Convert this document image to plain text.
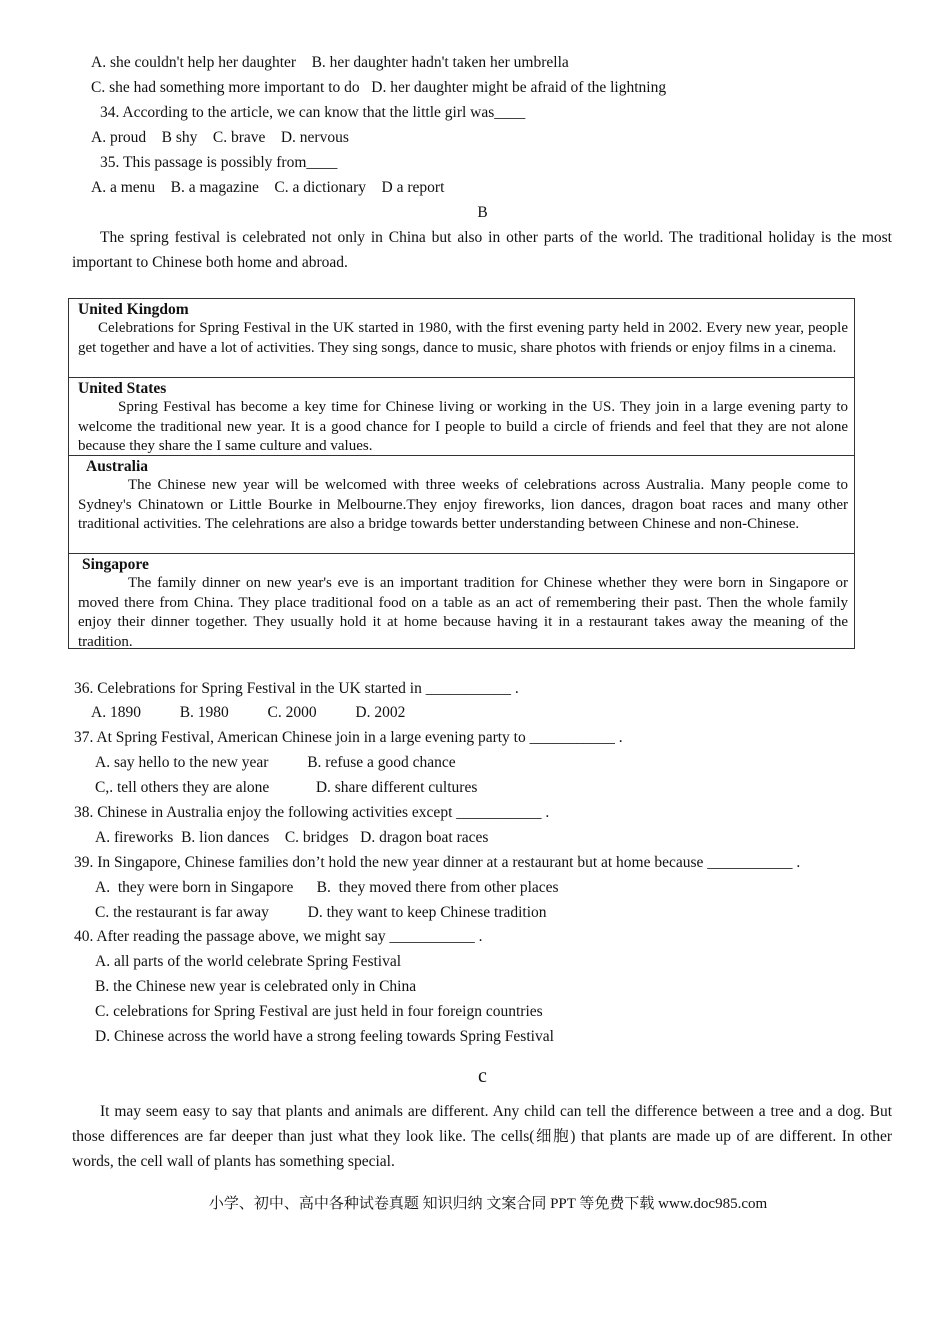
A. she couldn't help her daughter    B. her daughter hadn't taken her umbrella
C. she had something more important to do   D. her daughter might be afraid of the lightning
34. According to the article, we can know that the little girl was____
A. proud    B shy    C. brave    D. nervous
35. This passage is possibly from____
A. a menu    B. a magazine    C. a dictionary    D a report
B
The spring festival is celebrated not only in China but also in other parts of the world. The traditional holiday is the most important to Chinese both home and abroad.
United Kingdom
Celebrations for Spring Festival in the UK started in 1980, with the first evening party held in 2002. Every new year, people get together and have a lot of activities. They sing songs, dance to music, share photos with friends or enjoy films in a cinema.
United States
Spring Festival has become a key time for Chinese living or working in the US. They join in a large evening party to welcome the traditional new year. It is a good chance for I people to build a circle of friends and feel that they are not alone because they share the I same culture and values.
Australia
The Chinese new year will be welcomed with three weeks of celebrations across Australia. Many people come to Sydney's Chinatown or Little Bourke in Melbourne.They enjoy fireworks, lion dances, dragon boat races and many other traditional activities. The celehrations are also a bridge towards better understanding between Chinese and non-Chinese.
Singapore
The family dinner on new year's eve is an important tradition for Chinese whether they were born in Singapore or moved there from China. They place traditional food on a table as an act of remembering their past. Then the whole family enjoy their dinner together. They usually hold it at home because having it in a restaurant takes away the meaning of the tradition.
36. Celebrations for Spring Festival in the UK started in ___________ .
A. 1890          B. 1980          C. 2000          D. 2002
37. At Spring Festival, American Chinese join in a large evening party to ___________ .
A. say hello to the new year          B. refuse a good chance
C,. tell others they are alone            D. share different cultures
38. Chinese in Australia enjoy the following activities except ___________ .
A. fireworks  B. lion dances    C. bridges   D. dragon boat races
39. In Singapore, Chinese families don’t hold the new year dinner at a restaurant but at home because ___________ .
A.  they were born in Singapore      B.  they moved there from other places
C. the restaurant is far away          D. they want to keep Chinese tradition
40. After reading the passage above, we might say ___________ .
A. all parts of the world celebrate Spring Festival
B. the Chinese new year is celebrated only in China
C. celebrations for Spring Festival are just held in four foreign countries
D. Chinese across the world have a strong feeling towards Spring Festival
c
It may seem easy to say that plants and animals are different. Any child can tell the difference between a tree and a dog. But those differences are far deeper than just what they look like. The cells(细胞) that plants are made up of are different. In other words, the cell wall of plants has something special.
小学、初中、高中各种试卷真题 知识归纳 文案合同 PPT 等免费下载 www.doc985.com
